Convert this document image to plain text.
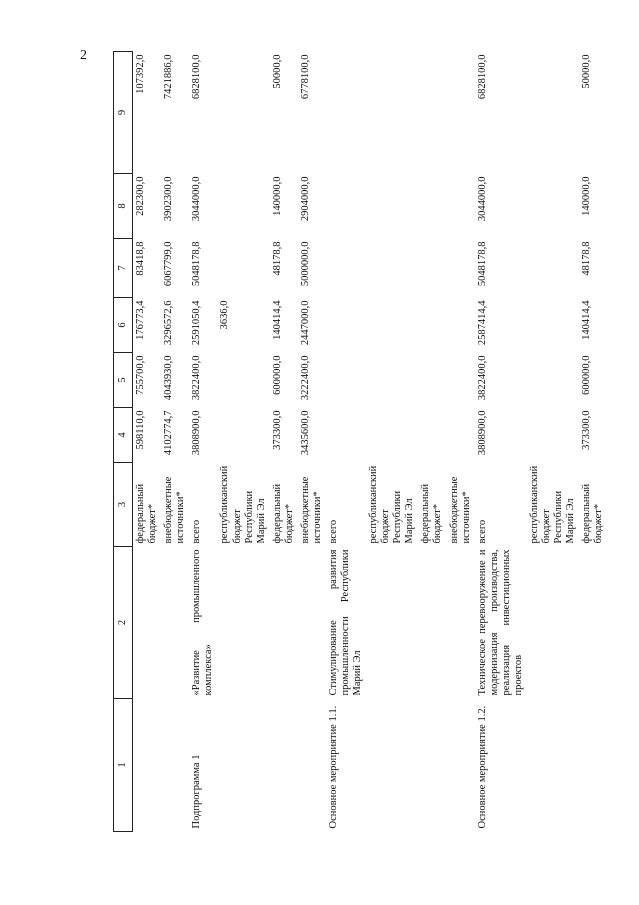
2
1	2	3	4	5	6	7	8	9
		федеральный бюджет*	598110,0	755700,0	176773,4	83418,8	282300,0	107392,0
		внебюджетные источники*	4102774,7	4043930,0	3296572,6	6067799,0	3902300,0	7421886,0
Подпрограмма 1	«Развитие промышленного комплекса»	всего	3808900,0	3822400,0	2591050,4	5048178,8	3044000,0	6828100,0
		республиканский бюджет Республики Марий Эл			3636,0			
		федеральный бюджет*	373300,0	600000,0	140414,4	48178,8	140000,0	50000,0
		внебюджетные источники*	3435600,0	3222400,0	2447000,0	5000000,0	2904000,0	6778100,0
Основное мероприятие 1.1.	Стимулирование развития промышленности Республики Марий Эл	всего						
		республиканский бюджет Республики Марий Эл						
		федеральный бюджет*						
		внебюджетные источники*						
Основное мероприятие 1.2.	Техническое перевооружение и модернизация производства, реализация инвестиционных проектов	всего	3808900,0	3822400,0	2587414,4	5048178,8	3044000,0	6828100,0
		республиканский бюджет Республики Марий Эл						
		федеральный бюджет*	373300,0	600000,0	140414,4	48178,8	140000,0	50000,0
